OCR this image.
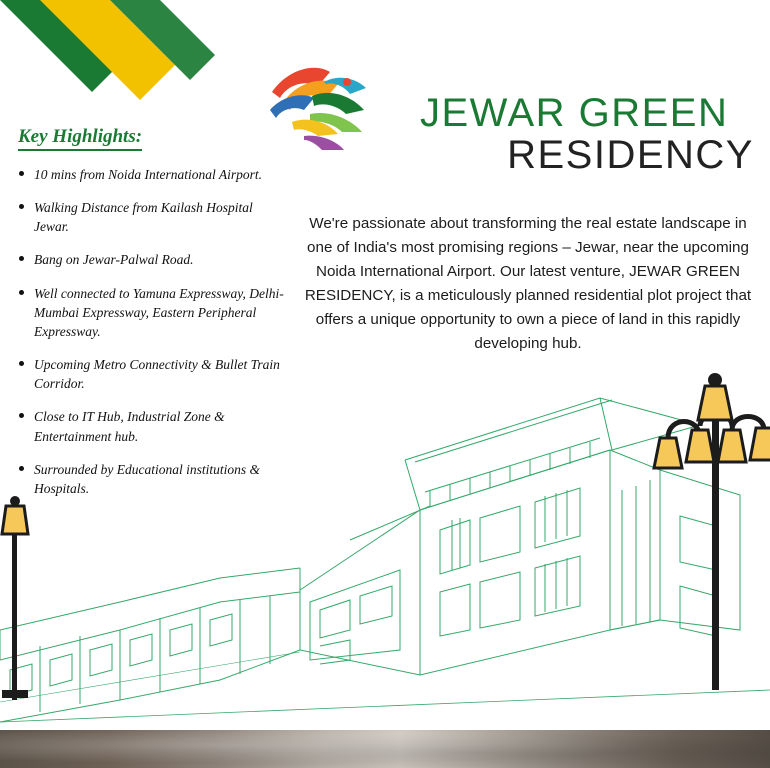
JEWAR GREEN
RESIDENCY
Key Highlights:
10 mins from Noida International Airport.
Walking Distance from Kailash Hospital Jewar.
Bang on Jewar-Palwal Road.
Well connected to Yamuna Expressway, Delhi-Mumbai Expressway, Eastern Peripheral Expressway.
Upcoming Metro Connectivity & Bullet Train Corridor.
Close to IT Hub, Industrial Zone & Entertainment hub.
Surrounded by Educational institutions & Hospitals.
We're passionate about transforming the real estate landscape in one of India's most promising regions – Jewar, near the upcoming Noida International Airport. Our latest venture, JEWAR GREEN RESIDENCY, is a meticulously planned residential plot project that offers a unique opportunity to own a piece of land in this rapidly developing hub.
